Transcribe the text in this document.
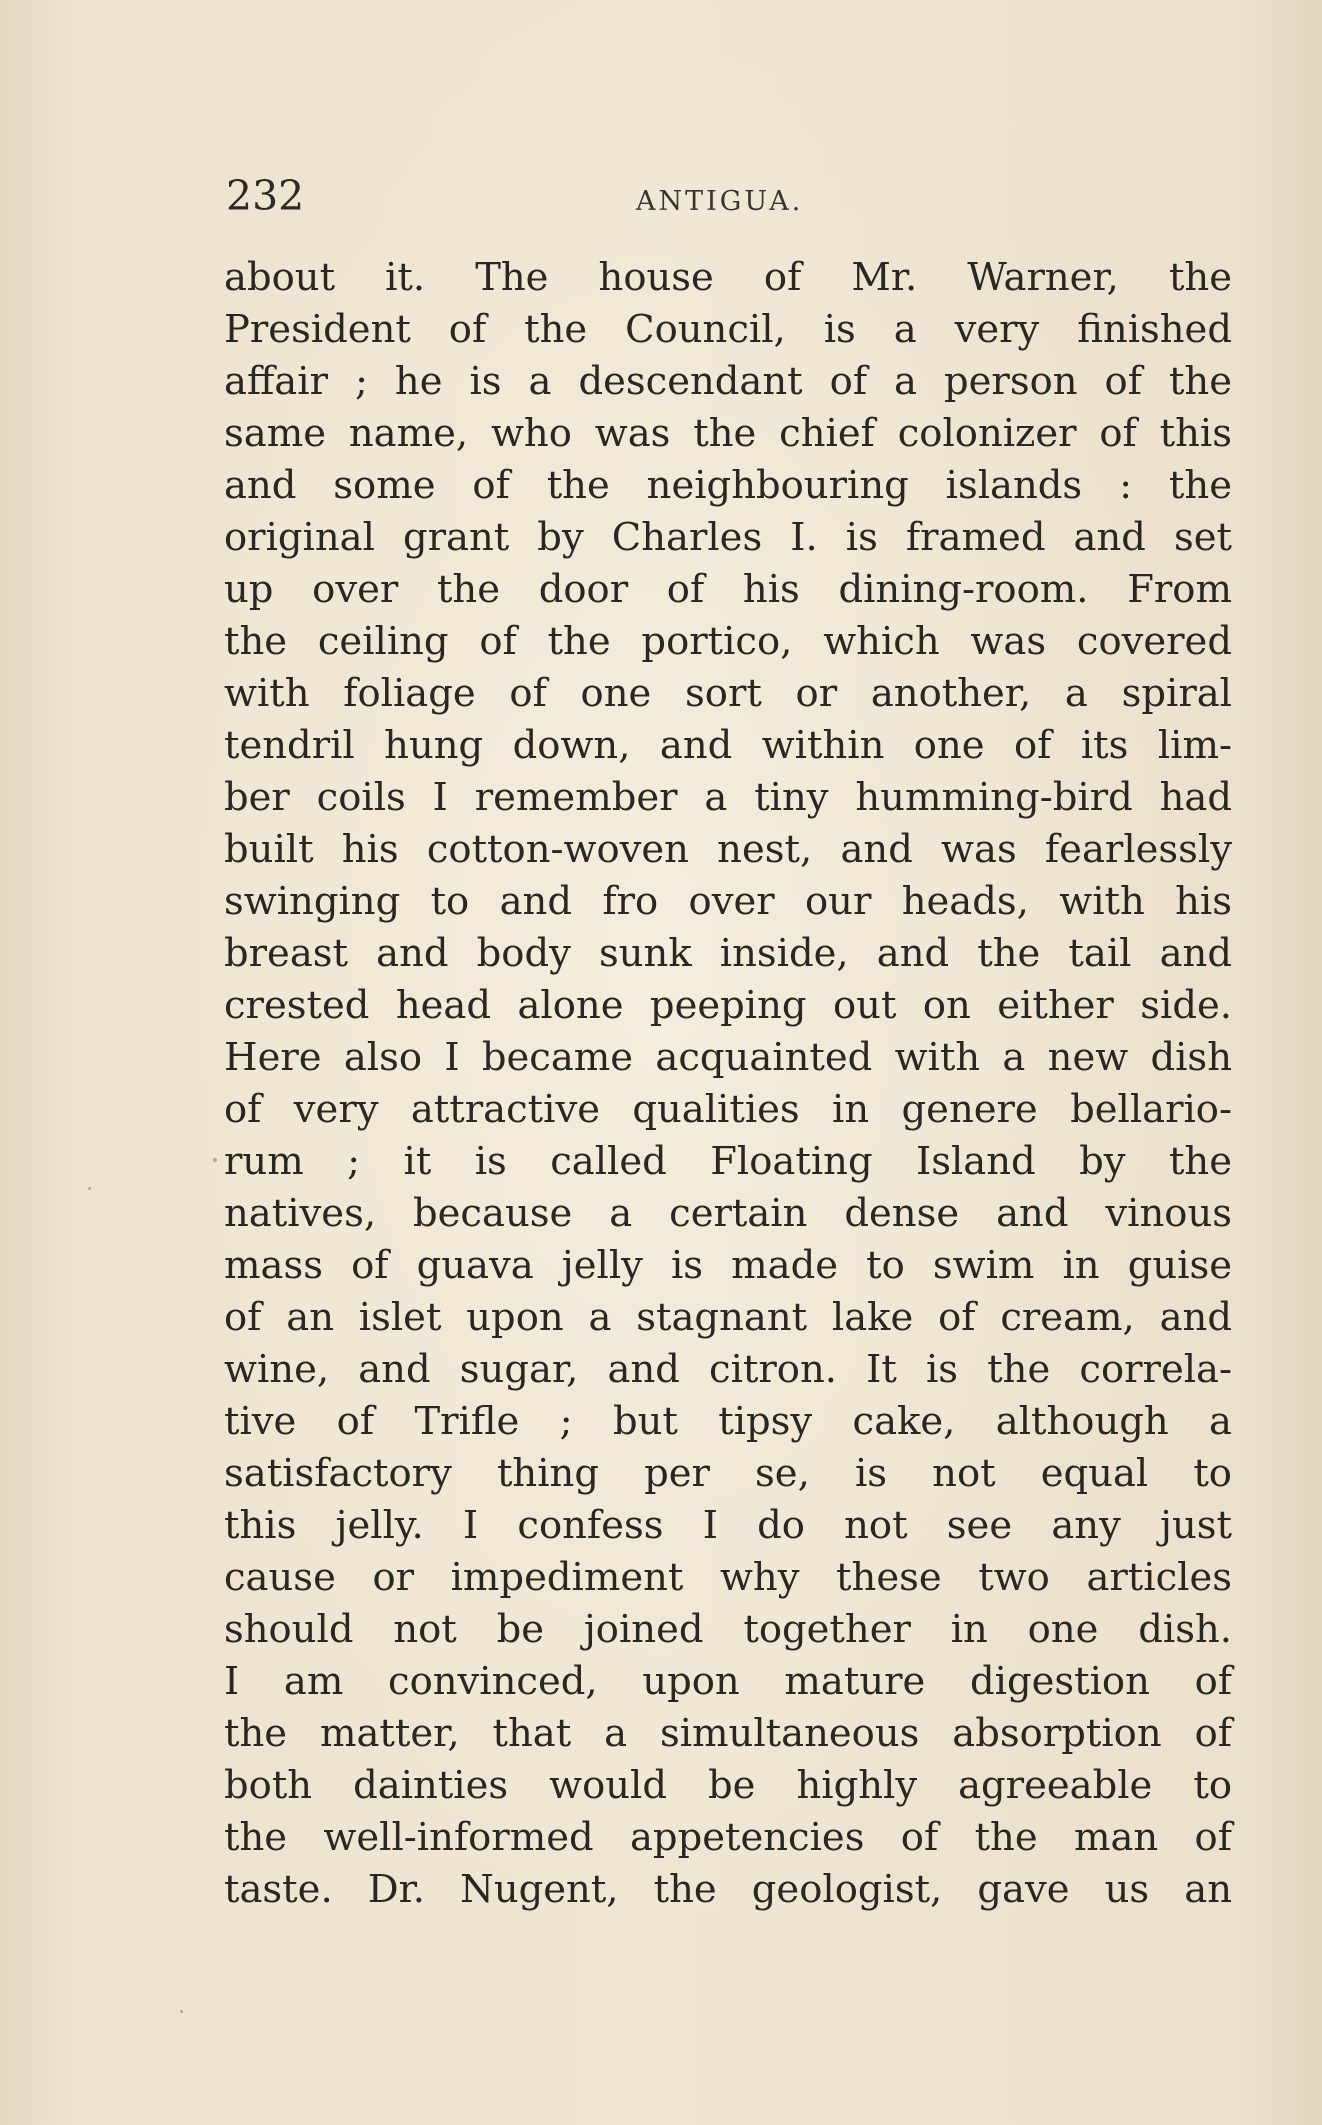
232	ANTIGUA.
about it. The house of Mr. Warner, the
President of the Council, is a very finished
affair ; he is a descendant of a person of the
same name, who was the chief colonizer of this
and some of the neighbouring islands : the
original grant by Charles I. is framed and set
up over the door of his dining-room. From
the ceiling of the portico, which was covered
with foliage of one sort or another, a spiral
tendril hung down, and within one of its lim-
ber coils I remember a tiny humming-bird had
built his cotton-woven nest, and was fearlessly
swinging to and fro over our heads, with his
breast and body sunk inside, and the tail and
crested head alone peeping out on either side.
Here also I became acquainted with a new dish
of very attractive qualities in genere bellario-
rum ; it is called Floating Island by the
natives, because a certain dense and vinous
mass of guava jelly is made to swim in guise
of an islet upon a stagnant lake of cream, and
wine, and sugar, and citron. It is the correla-
tive of Trifle ; but tipsy cake, although a
satisfactory thing per se, is not equal to
this jelly. I confess I do not see any just
cause or impediment why these two articles
should not be joined together in one dish.
I am convinced, upon mature digestion of
the matter, that a simultaneous absorption of
both dainties would be highly agreeable to
the well-informed appetencies of the man of
taste. Dr. Nugent, the geologist, gave us an
